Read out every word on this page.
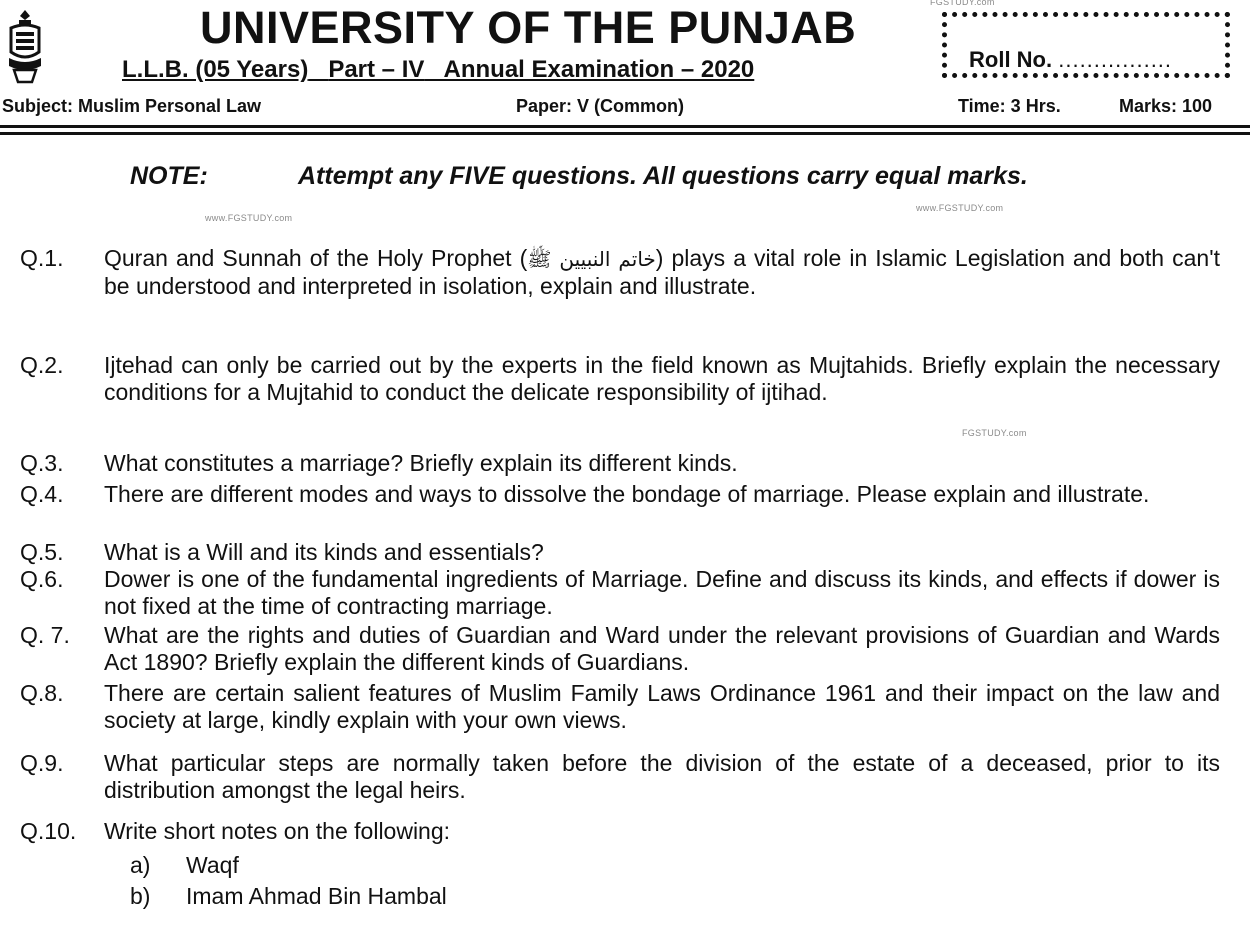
FGSTUDY.com
www.FGSTUDY.com
www.FGSTUDY.com
FGSTUDY.com
UNIVERSITY OF THE PUNJAB
L.L.B. (05 Years) Part – IV Annual Examination – 2020	Roll No. ................
Subject: Muslim Personal Law	Paper: V (Common)	Time: 3 Hrs.	Marks: 100
NOTE:	Attempt any FIVE questions. All questions carry equal marks.
Q.1. Quran and Sunnah of the Holy Prophet (خاتم النبیین ﷺ) plays a vital role in Islamic Legislation and both can't be understood and interpreted in isolation, explain and illustrate.
Q.2. Ijtehad can only be carried out by the experts in the field known as Mujtahids. Briefly explain the necessary conditions for a Mujtahid to conduct the delicate responsibility of ijtihad.
Q.3. What constitutes a marriage? Briefly explain its different kinds.
Q.4. There are different modes and ways to dissolve the bondage of marriage. Please explain and illustrate.
Q.5. What is a Will and its kinds and essentials?
Q.6. Dower is one of the fundamental ingredients of Marriage. Define and discuss its kinds, and effects if dower is not fixed at the time of contracting marriage.
Q. 7. What are the rights and duties of Guardian and Ward under the relevant provisions of Guardian and Wards Act 1890? Briefly explain the different kinds of Guardians.
Q.8. There are certain salient features of Muslim Family Laws Ordinance 1961 and their impact on the law and society at large, kindly explain with your own views.
Q.9. What particular steps are normally taken before the division of the estate of a deceased, prior to its distribution amongst the legal heirs.
Q.10. Write short notes on the following:
a) Waqf
b) Imam Ahmad Bin Hambal
